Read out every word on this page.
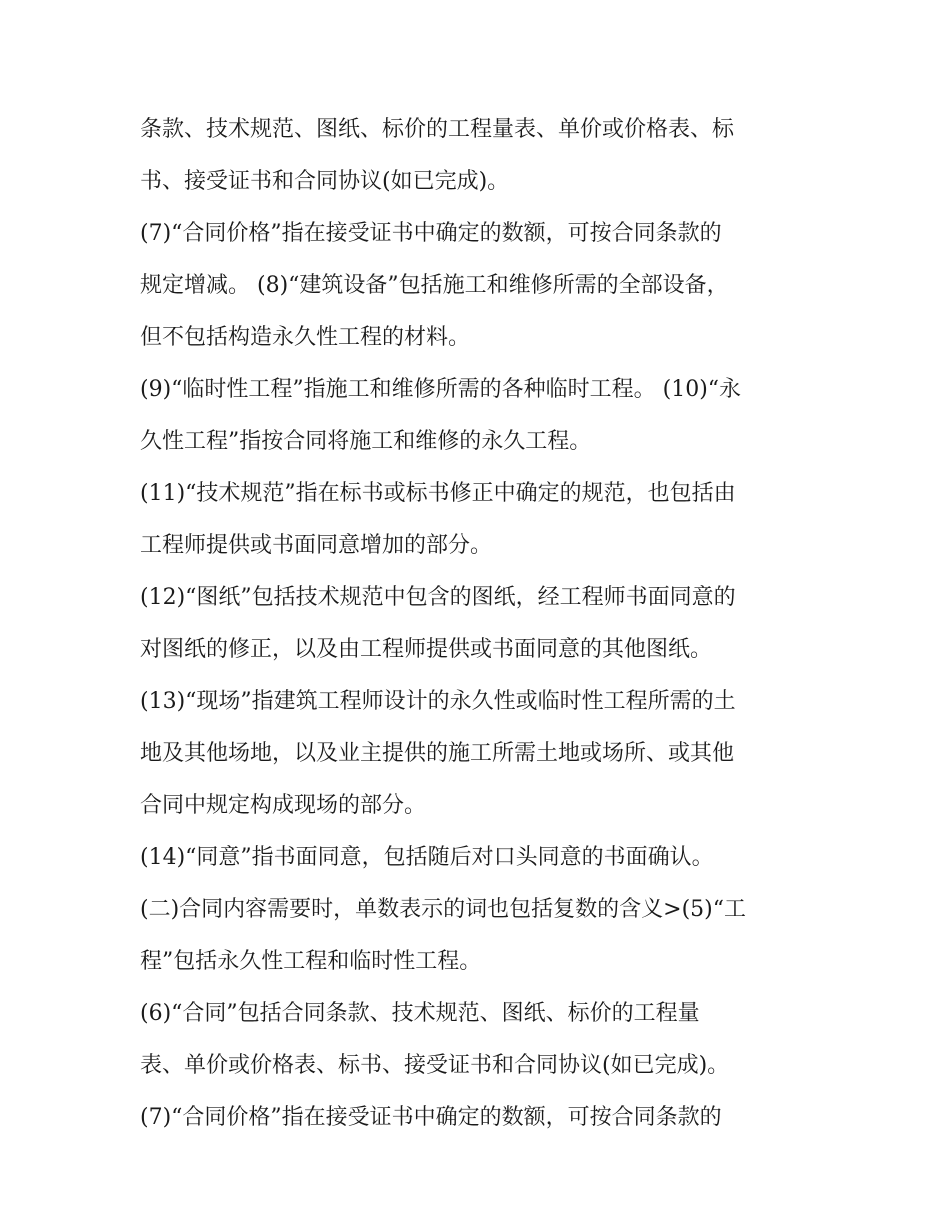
条款、技术规范、图纸、标价的工程量表、单价或价格表、标
书、接受证书和合同协议(如已完成)。
(7)“合同价格”指在接受证书中确定的数额，可按合同条款的
规定增减。 (8)“建筑设备”包括施工和维修所需的全部设备，
但不包括构造永久性工程的材料。
(9)“临时性工程”指施工和维修所需的各种临时工程。 (10)“永
久性工程”指按合同将施工和维修的永久工程。
(11)“技术规范”指在标书或标书修正中确定的规范，也包括由
工程师提供或书面同意增加的部分。
(12)“图纸”包括技术规范中包含的图纸，经工程师书面同意的
对图纸的修正，以及由工程师提供或书面同意的其他图纸。
(13)“现场”指建筑工程师设计的永久性或临时性工程所需的土
地及其他场地，以及业主提供的施工所需土地或场所、或其他
合同中规定构成现场的部分。
(14)“同意”指书面同意，包括随后对口头同意的书面确认。
(二)合同内容需要时，单数表示的词也包括复数的含义>(5)“工
程”包括永久性工程和临时性工程。
(6)“合同”包括合同条款、技术规范、图纸、标价的工程量
表、单价或价格表、标书、接受证书和合同协议(如已完成)。
(7)“合同价格”指在接受证书中确定的数额，可按合同条款的
